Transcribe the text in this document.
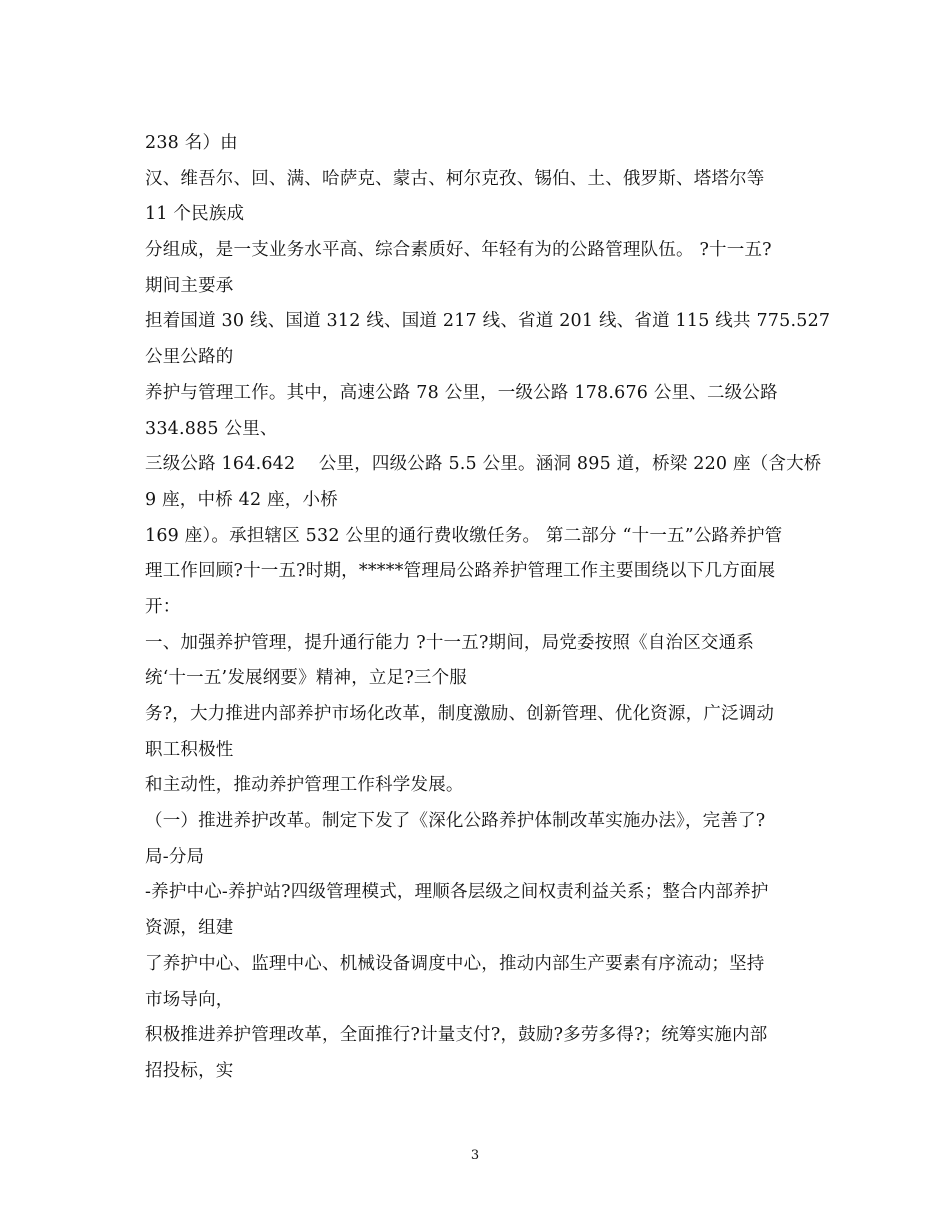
238 名）由
汉、维吾尔、回、满、哈萨克、蒙古、柯尔克孜、锡伯、土、俄罗斯、塔塔尔等
11 个民族成
分组成，是一支业务水平高、综合素质好、年轻有为的公路管理队伍。 ?十一五?
期间主要承
担着国道 30 线、国道 312 线、国道 217 线、省道 201 线、省道 115 线共 775.527
公里公路的
养护与管理工作。其中，高速公路 78 公里，一级公路 178.676 公里、二级公路
334.885 公里、
三级公路 164.642　 公里，四级公路 5.5 公里。涵洞 895 道，桥梁 220 座（含大桥
9 座，中桥 42 座，小桥
169 座）。承担辖区 532 公里的通行费收缴任务。 第二部分 “十一五”公路养护管
理工作回顾?十一五?时期，*****管理局公路养护管理工作主要围绕以下几方面展
开：
一、加强养护管理，提升通行能力 ?十一五?期间，局党委按照《自治区交通系
统‘十一五’发展纲要》精神，立足?三个服
务?，大力推进内部养护市场化改革，制度激励、创新管理、优化资源，广泛调动
职工积极性
和主动性，推动养护管理工作科学发展。
（一）推进养护改革。制定下发了《深化公路养护体制改革实施办法》，完善了?
局-分局
-养护中心-养护站?四级管理模式，理顺各层级之间权责利益关系；整合内部养护
资源，组建
了养护中心、监理中心、机械设备调度中心，推动内部生产要素有序流动；坚持
市场导向，
积极推进养护管理改革，全面推行?计量支付?，鼓励?多劳多得?；统筹实施内部
招投标，实
3
